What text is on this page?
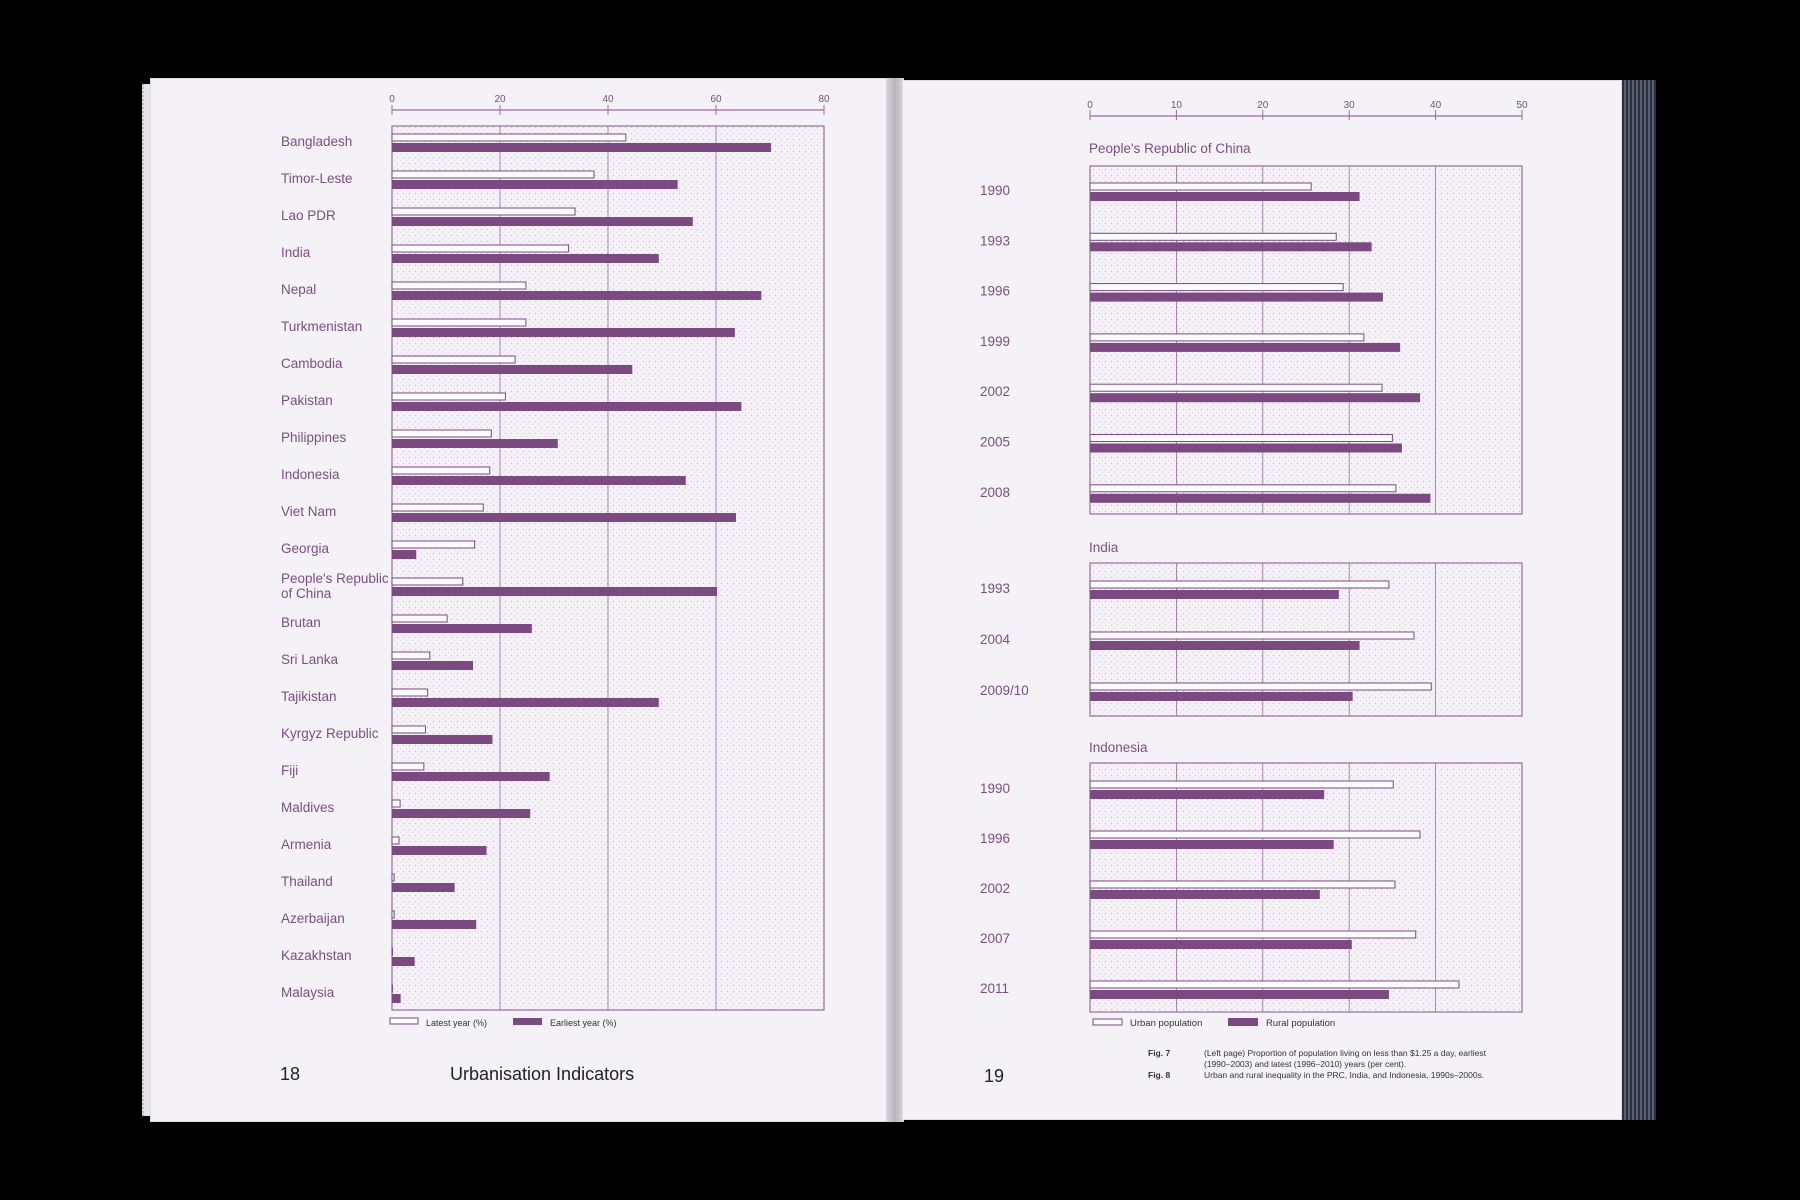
18	Urbanisation Indicators	19
Fig. 7	(Left page) Proportion of population living on less than $1.25 a day, earliest
(1990–2003) and latest (1996–2010) years (per cent).
Fig. 8	Urban and rural inequality in the PRC, India, and Indonesia, 1990s–2000s.
0	20	40	60	80
Bangladesh
Timor-Leste
Lao PDR
India
Nepal
Turkmenistan
Cambodia
Pakistan
Philippines
Indonesia
Viet Nam
Georgia
People's Republic
of China
Brutan
Sri Lanka
Tajikistan
Kyrgyz Republic
Fiji
Maldives
Armenia
Thailand
Azerbaijan
Kazakhstan
Malaysia
Latest year (%)	Earliest year (%)
0	10	20	30	40	50
People's Republic of China
1990
1993
1996
1999
2002
2005
2008
India
1993
2004
2009/10
Indonesia
1990
1996
2002
2007
2011
Urban population	Rural population
